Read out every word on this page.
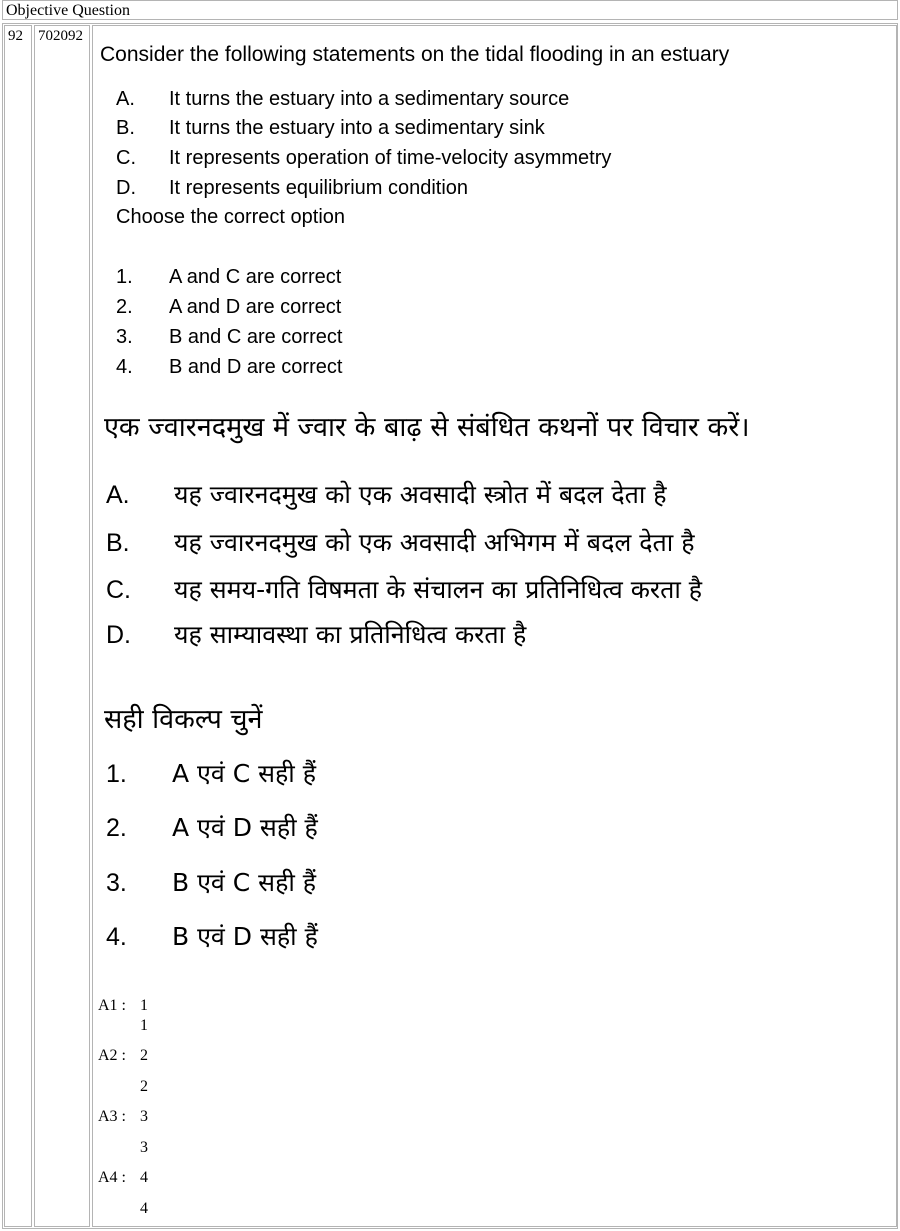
Objective Question
92 702092
Consider the following statements on the tidal flooding in an estuary
A. It turns the estuary into a sedimentary source
B. It turns the estuary into a sedimentary sink
C. It represents operation of time-velocity asymmetry
D. It represents equilibrium condition
Choose the correct option
1. A and C are correct
2. A and D are correct
3. B and C are correct
4. B and D are correct
एक ज्वारनदमुख में ज्वार के बाढ़ से संबंधित कथनों पर विचार करें।
A. यह ज्वारनदमुख को एक अवसादी स्त्रोत में बदल देता है
B. यह ज्वारनदमुख को एक अवसादी अभिगम में बदल देता है
C. यह समय-गति विषमता के संचालन का प्रतिनिधित्व करता है
D. यह साम्यावस्था का प्रतिनिधित्व करता है
सही विकल्प चुनें
1. A एवं C सही हैं
2. A एवं D सही हैं
3. B एवं C सही हैं
4. B एवं D सही हैं
A1 : 1
1
A2 : 2
2
A3 : 3
3
A4 : 4
4
